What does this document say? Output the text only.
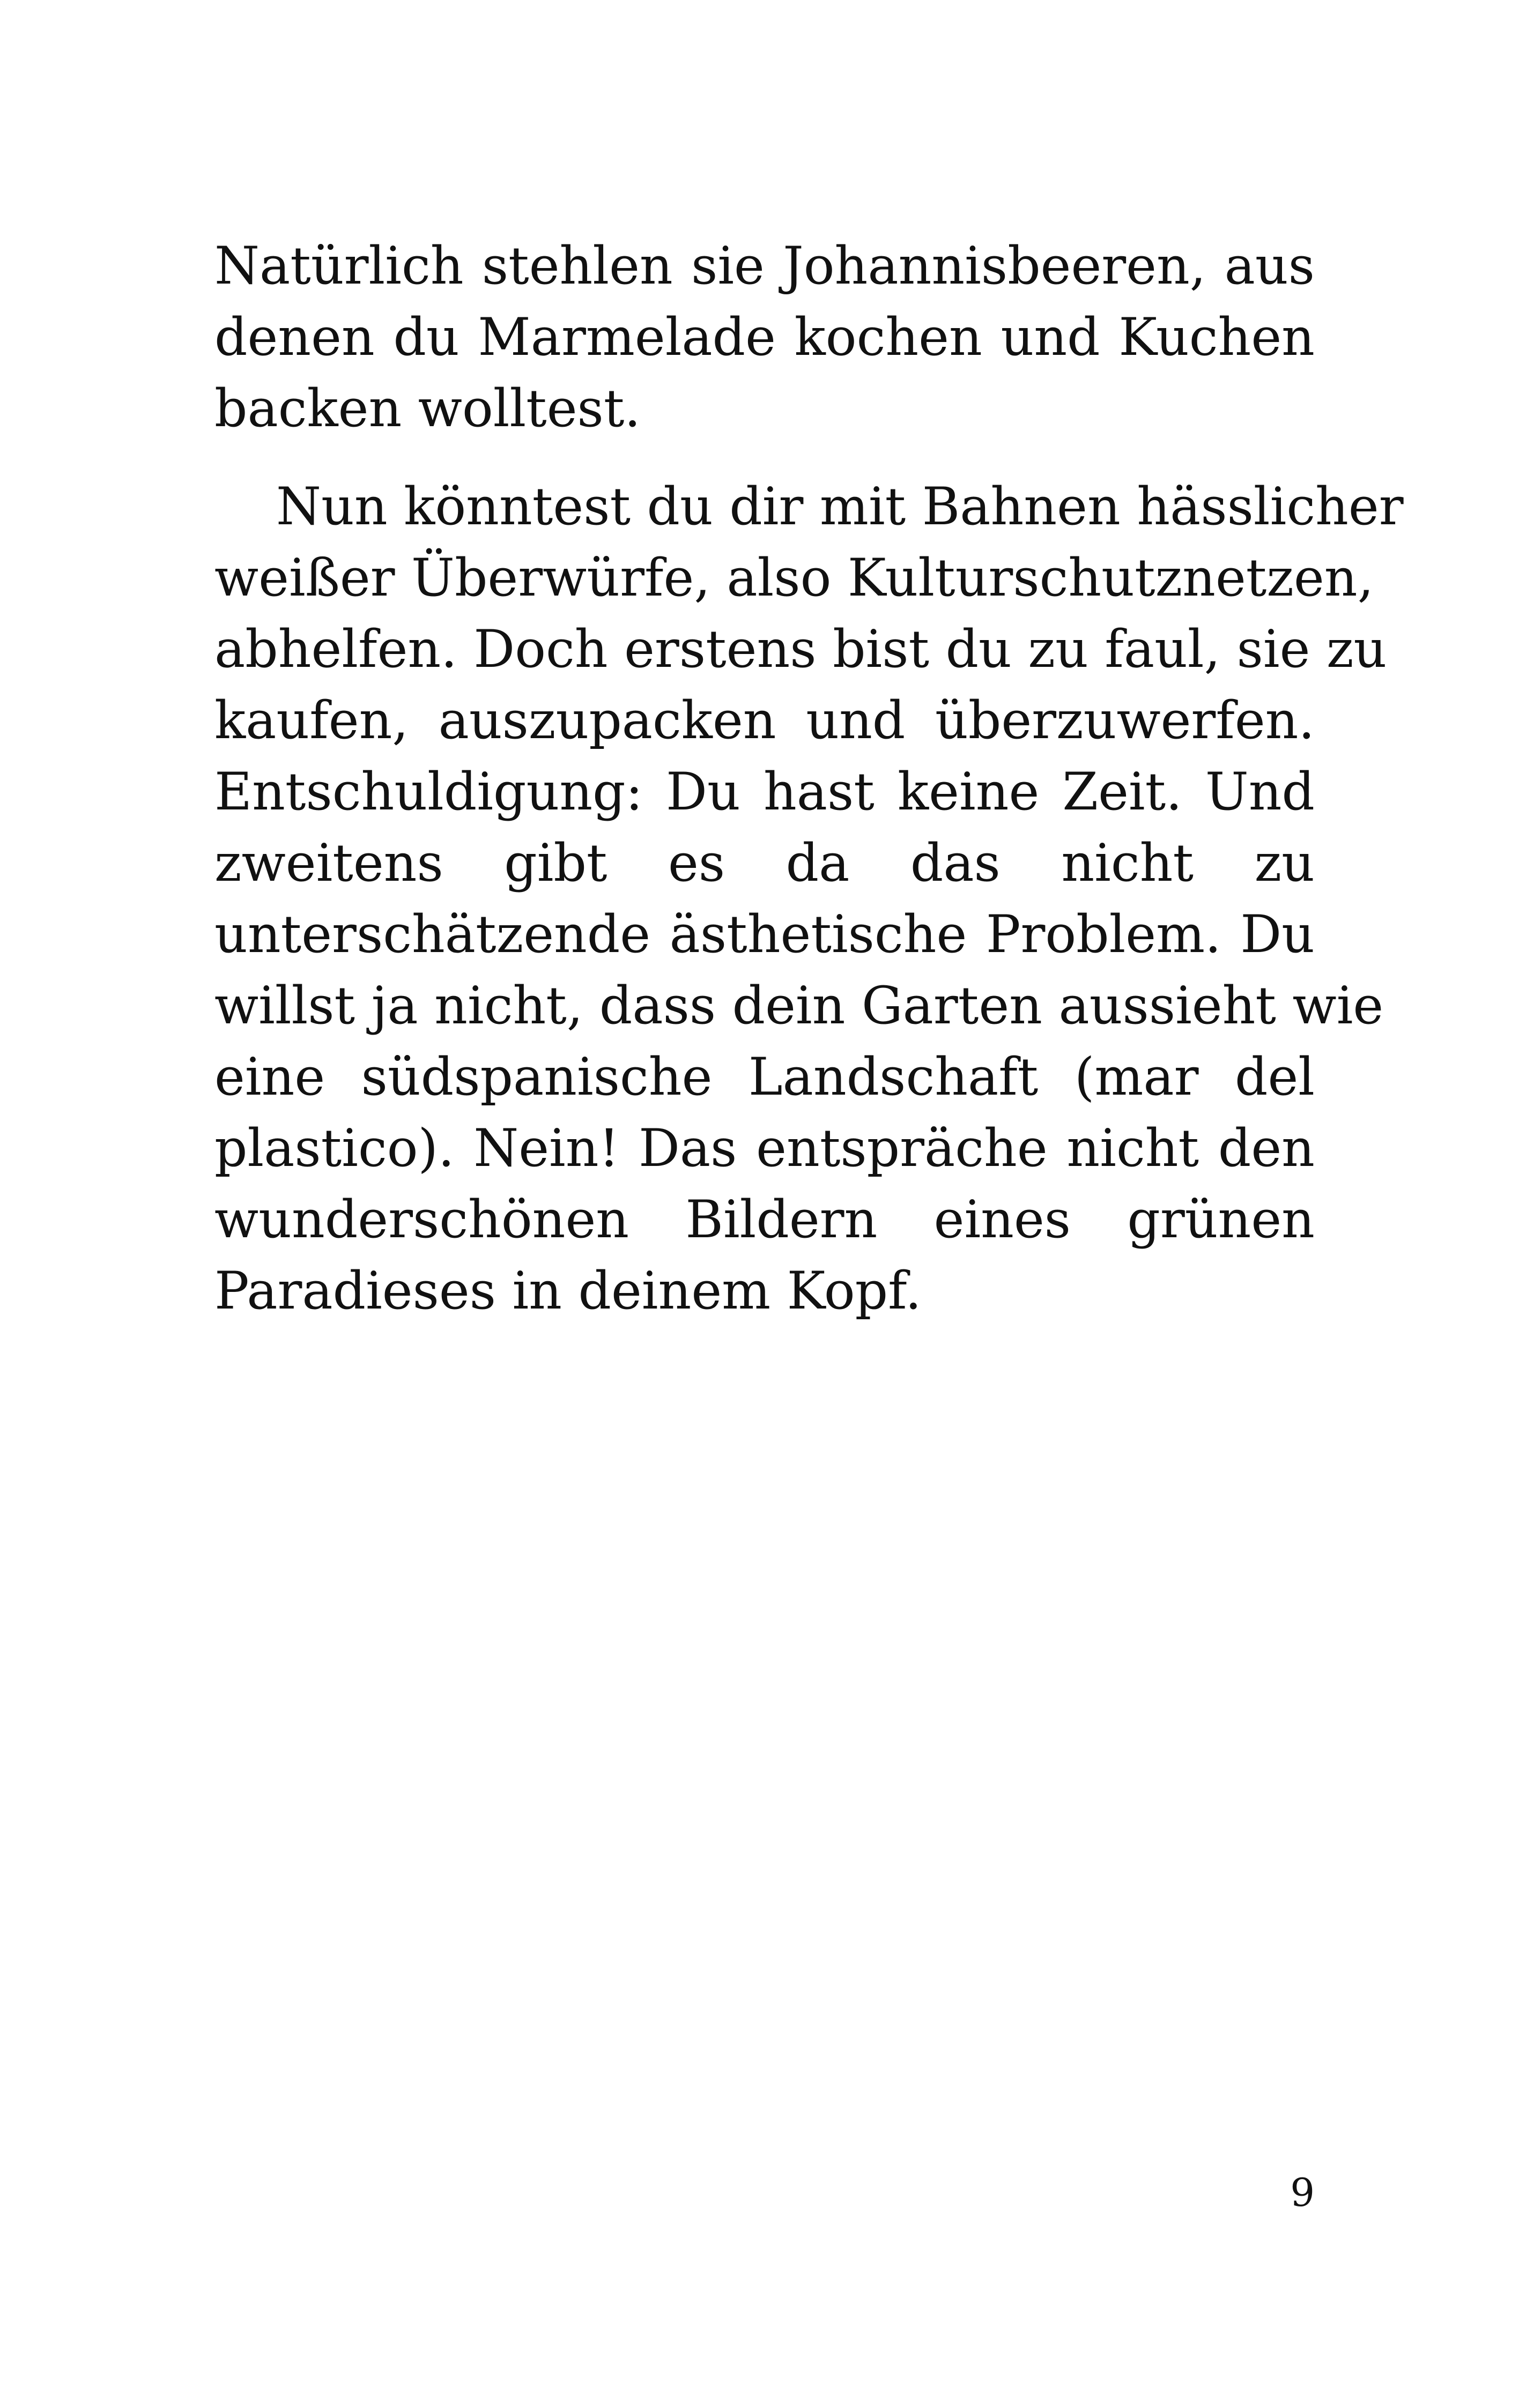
Natürlich stehlen sie Johannisbeeren, aus
denen du Marmelade kochen und Kuchen
backen wolltest.
Nun könntest du dir mit Bahnen hässlicher
weißer Überwürfe, also Kulturschutznetzen,
abhelfen. Doch erstens bist du zu faul, sie zu
kaufen, auszupacken und überzuwerfen.
Entschuldigung: Du hast keine Zeit. Und
zweitens gibt es da das nicht zu
unterschätzende ästhetische Problem. Du
willst ja nicht, dass dein Garten aussieht wie
eine südspanische Landschaft (mar del
plastico). Nein! Das entspräche nicht den
wunderschönen Bildern eines grünen
Paradieses in deinem Kopf.
9
